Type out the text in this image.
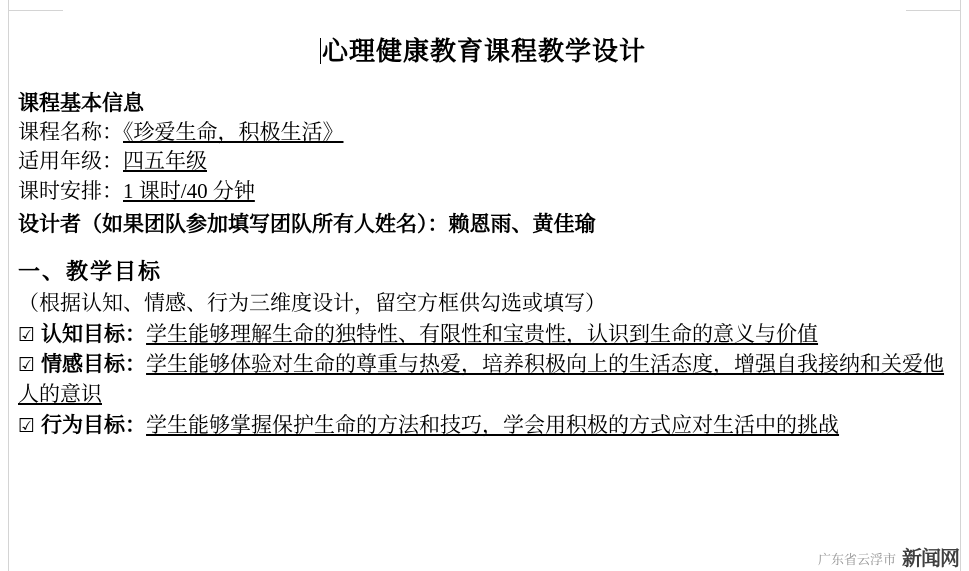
心理健康教育课程教学设计
课程基本信息
课程名称：《珍爱生命，积极生活》
适用年级：四五年级
课时安排：1 课时/40 分钟
设计者（如果团队参加填写团队所有人姓名）：赖恩雨、黄佳瑜
一、教学目标
（根据认知、情感、行为三维度设计，留空方框供勾选或填写）
☑ 认知目标：学生能够理解生命的独特性、有限性和宝贵性，认识到生命的意义与价值
☑ 情感目标：学生能够体验对生命的尊重与热爱，培养积极向上的生活态度，增强自我接纳和关爱他人的意识
☑ 行为目标：学生能够掌握保护生命的方法和技巧，学会用积极的方式应对生活中的挑战
广东省云浮市 新闻网
